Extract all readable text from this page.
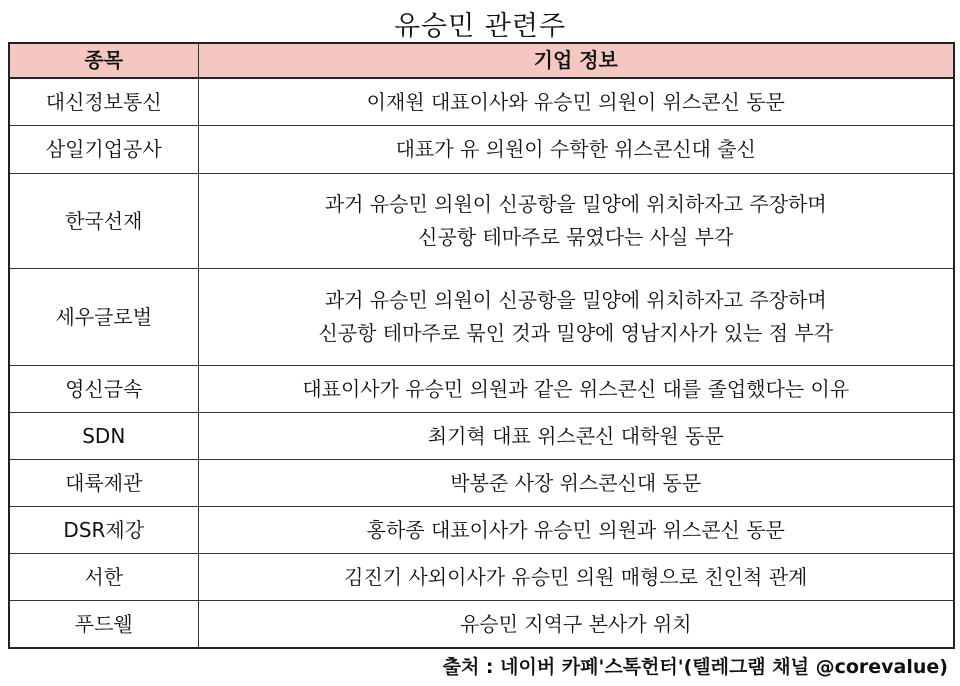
유승민 관련주
종목	기업 정보
대신정보통신	이재원 대표이사와 유승민 의원이 위스콘신 동문

삼일기업공사	대표가 유 의원이 수학한 위스콘신대 출신

한국선재	과거 유승민 의원이 신공항을 밀양에 위치하자고 주장하며
신공항 테마주로 묶였다는 사실 부각

세우글로벌	과거 유승민 의원이 신공항을 밀양에 위치하자고 주장하며
신공항 테마주로 묶인 것과 밀양에 영남지사가 있는 점 부각

영신금속	대표이사가 유승민 의원과 같은 위스콘신 대를 졸업했다는 이유

SDN	최기혁 대표 위스콘신 대학원 동문

대륙제관	박봉준 사장 위스콘신대 동문

DSR제강	홍하종 대표이사가 유승민 의원과 위스콘신 동문

서한	김진기 사외이사가 유승민 의원 매형으로 친인척 관계

푸드웰	유승민 지역구 본사가 위치
출처 : 네이버 카페'스톡헌터'(텔레그램 채널 @corevalue)
